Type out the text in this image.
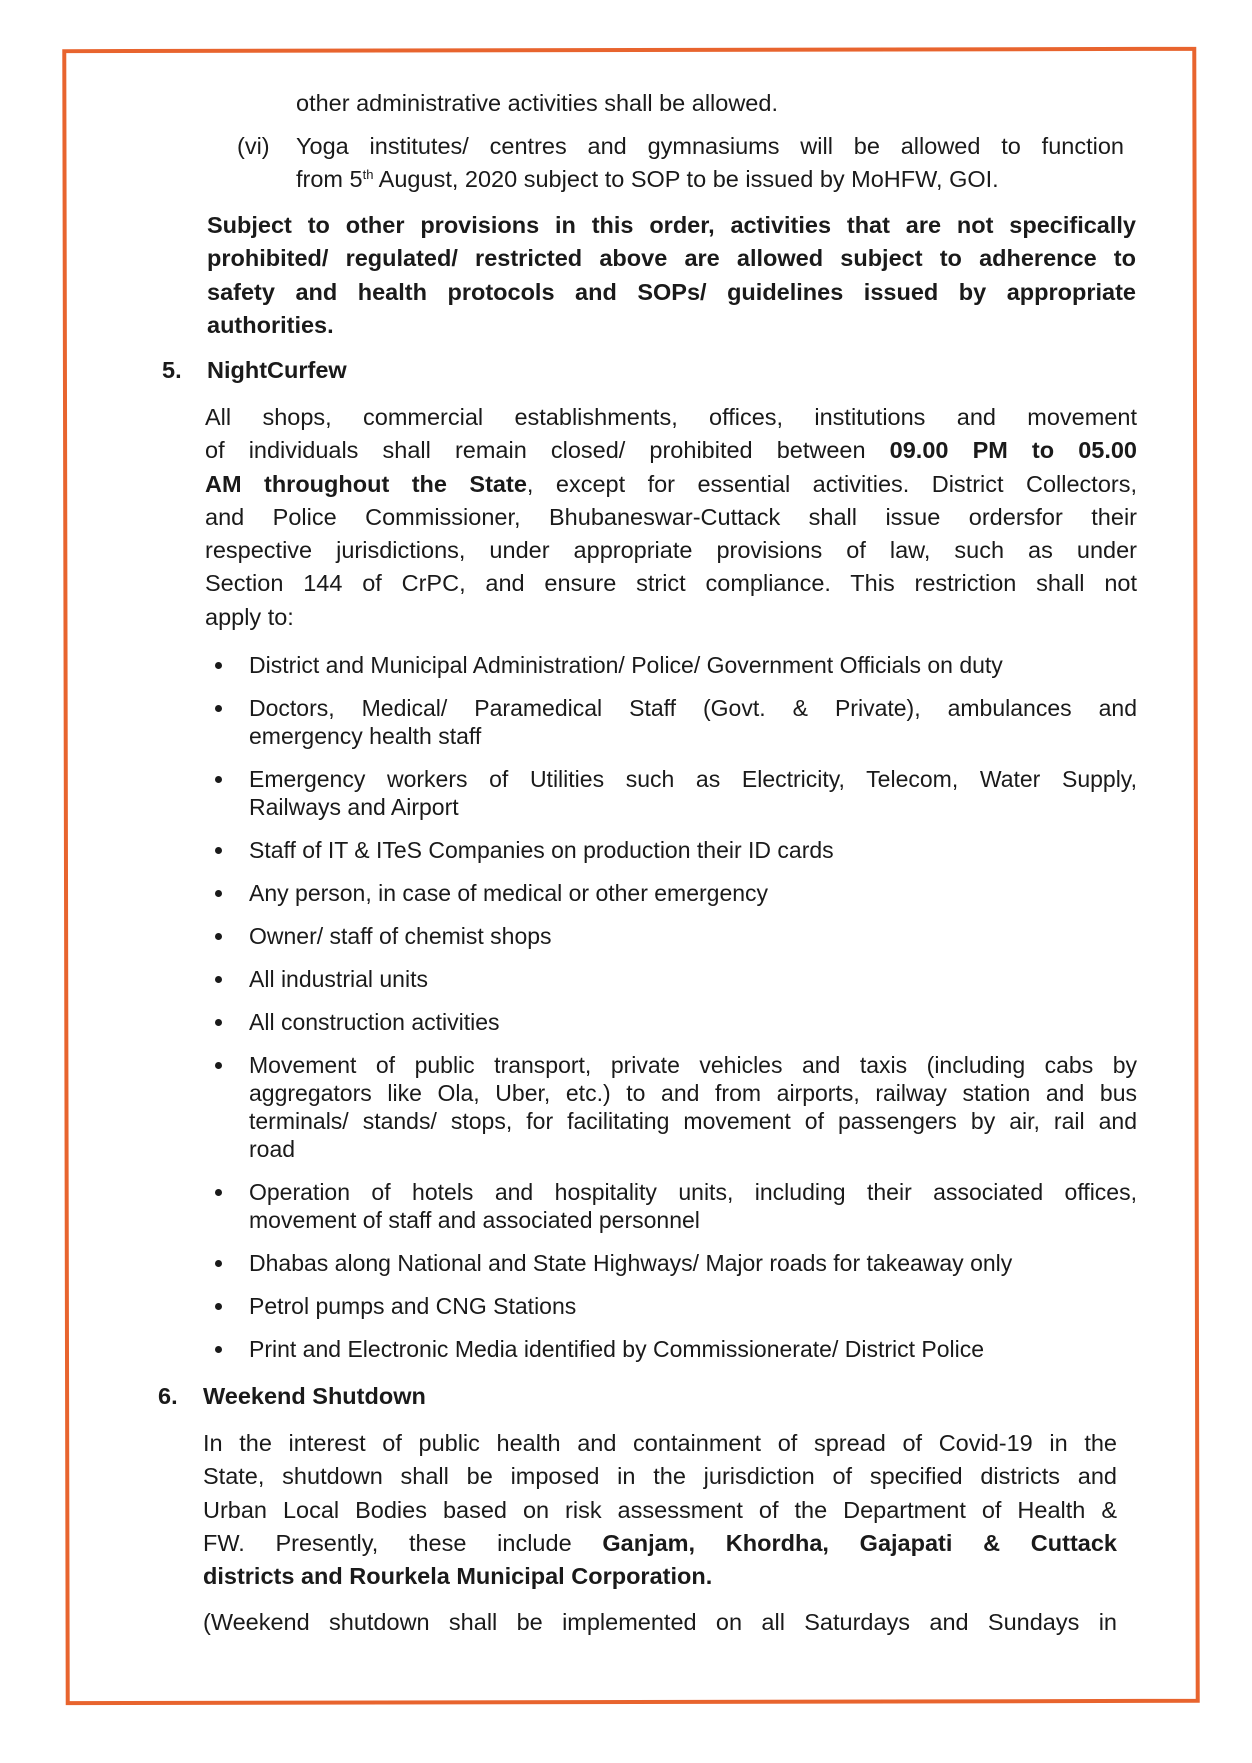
other administrative activities shall be allowed.
(vi) Yoga institutes/ centres and gymnasiums will be allowed to function
from 5th August, 2020 subject to SOP to be issued by MoHFW, GOI.
Subject to other provisions in this order, activities that are not specifically
prohibited/ regulated/ restricted above are allowed subject to adherence to
safety and health protocols and SOPs/ guidelines issued by appropriate
authorities.
5. NightCurfew
All shops, commercial establishments, offices, institutions and movement
of individuals shall remain closed/ prohibited between 09.00 PM to 05.00
AM throughout the State, except for essential activities. District Collectors,
and Police Commissioner, Bhubaneswar-Cuttack shall issue ordersfor their
respective jurisdictions, under appropriate provisions of law, such as under
Section 144 of CrPC, and ensure strict compliance. This restriction shall not
apply to:
District and Municipal Administration/ Police/ Government Officials on duty
Doctors, Medical/ Paramedical Staff (Govt. & Private), ambulances and
emergency health staff
Emergency workers of Utilities such as Electricity, Telecom, Water Supply,
Railways and Airport
Staff of IT & ITeS Companies on production their ID cards
Any person, in case of medical or other emergency
Owner/ staff of chemist shops
All industrial units
All construction activities
Movement of public transport, private vehicles and taxis (including cabs by
aggregators like Ola, Uber, etc.) to and from airports, railway station and bus
terminals/ stands/ stops, for facilitating movement of passengers by air, rail and
road
Operation of hotels and hospitality units, including their associated offices,
movement of staff and associated personnel
Dhabas along National and State Highways/ Major roads for takeaway only
Petrol pumps and CNG Stations
Print and Electronic Media identified by Commissionerate/ District Police
6. Weekend Shutdown
In the interest of public health and containment of spread of Covid-19 in the
State, shutdown shall be imposed in the jurisdiction of specified districts and
Urban Local Bodies based on risk assessment of the Department of Health &
FW. Presently, these include Ganjam, Khordha, Gajapati & Cuttack
districts and Rourkela Municipal Corporation.
(Weekend shutdown shall be implemented on all Saturdays and Sundays in
